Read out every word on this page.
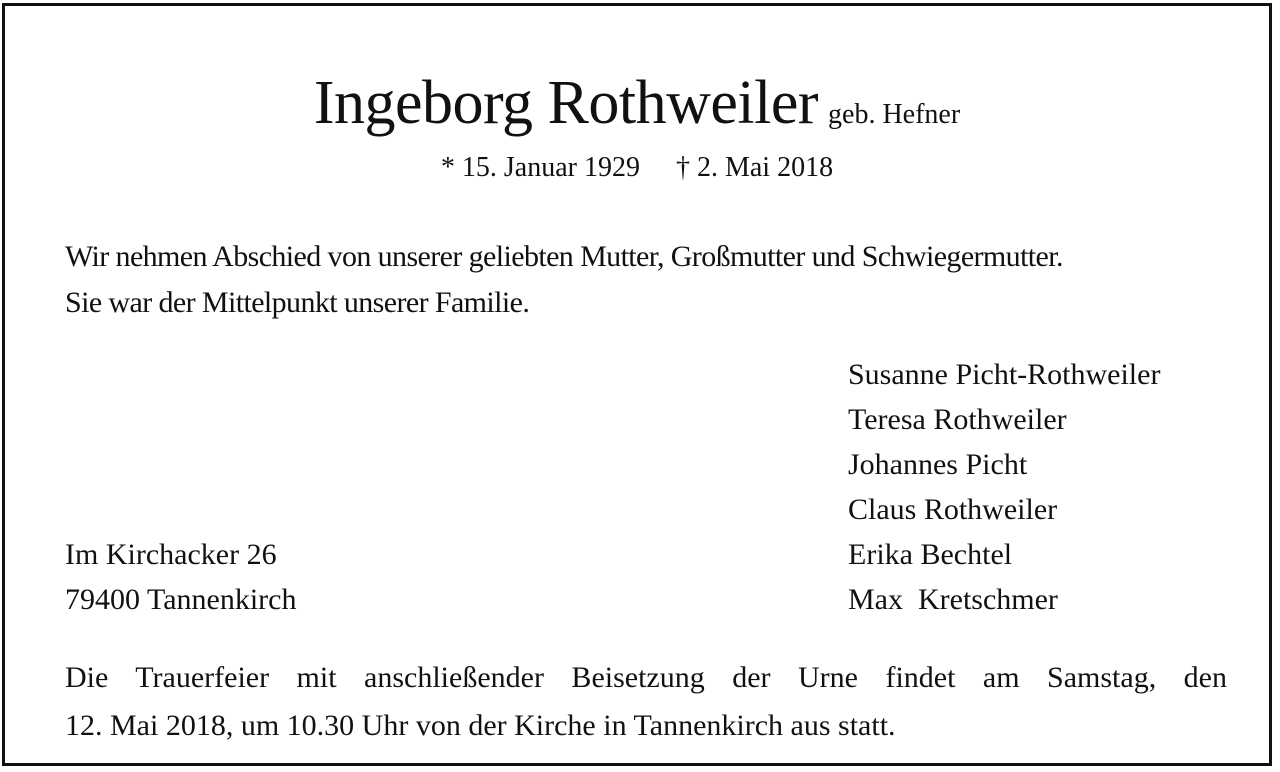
Ingeborg Rothweiler geb. Hefner
* 15. Januar 1929 † 2. Mai 2018
Wir nehmen Abschied von unserer geliebten Mutter, Großmutter und Schwiegermutter.
Sie war der Mittelpunkt unserer Familie.
Susanne Picht-Rothweiler
Teresa Rothweiler
Johannes Picht
Claus Rothweiler
Erika Bechtel
Max  Kretschmer
Im Kirchacker 26
79400 Tannenkirch
Die Trauerfeier mit anschließender Beisetzung der Urne findet am Samstag, den
12. Mai 2018, um 10.30 Uhr von der Kirche in Tannenkirch aus statt.
